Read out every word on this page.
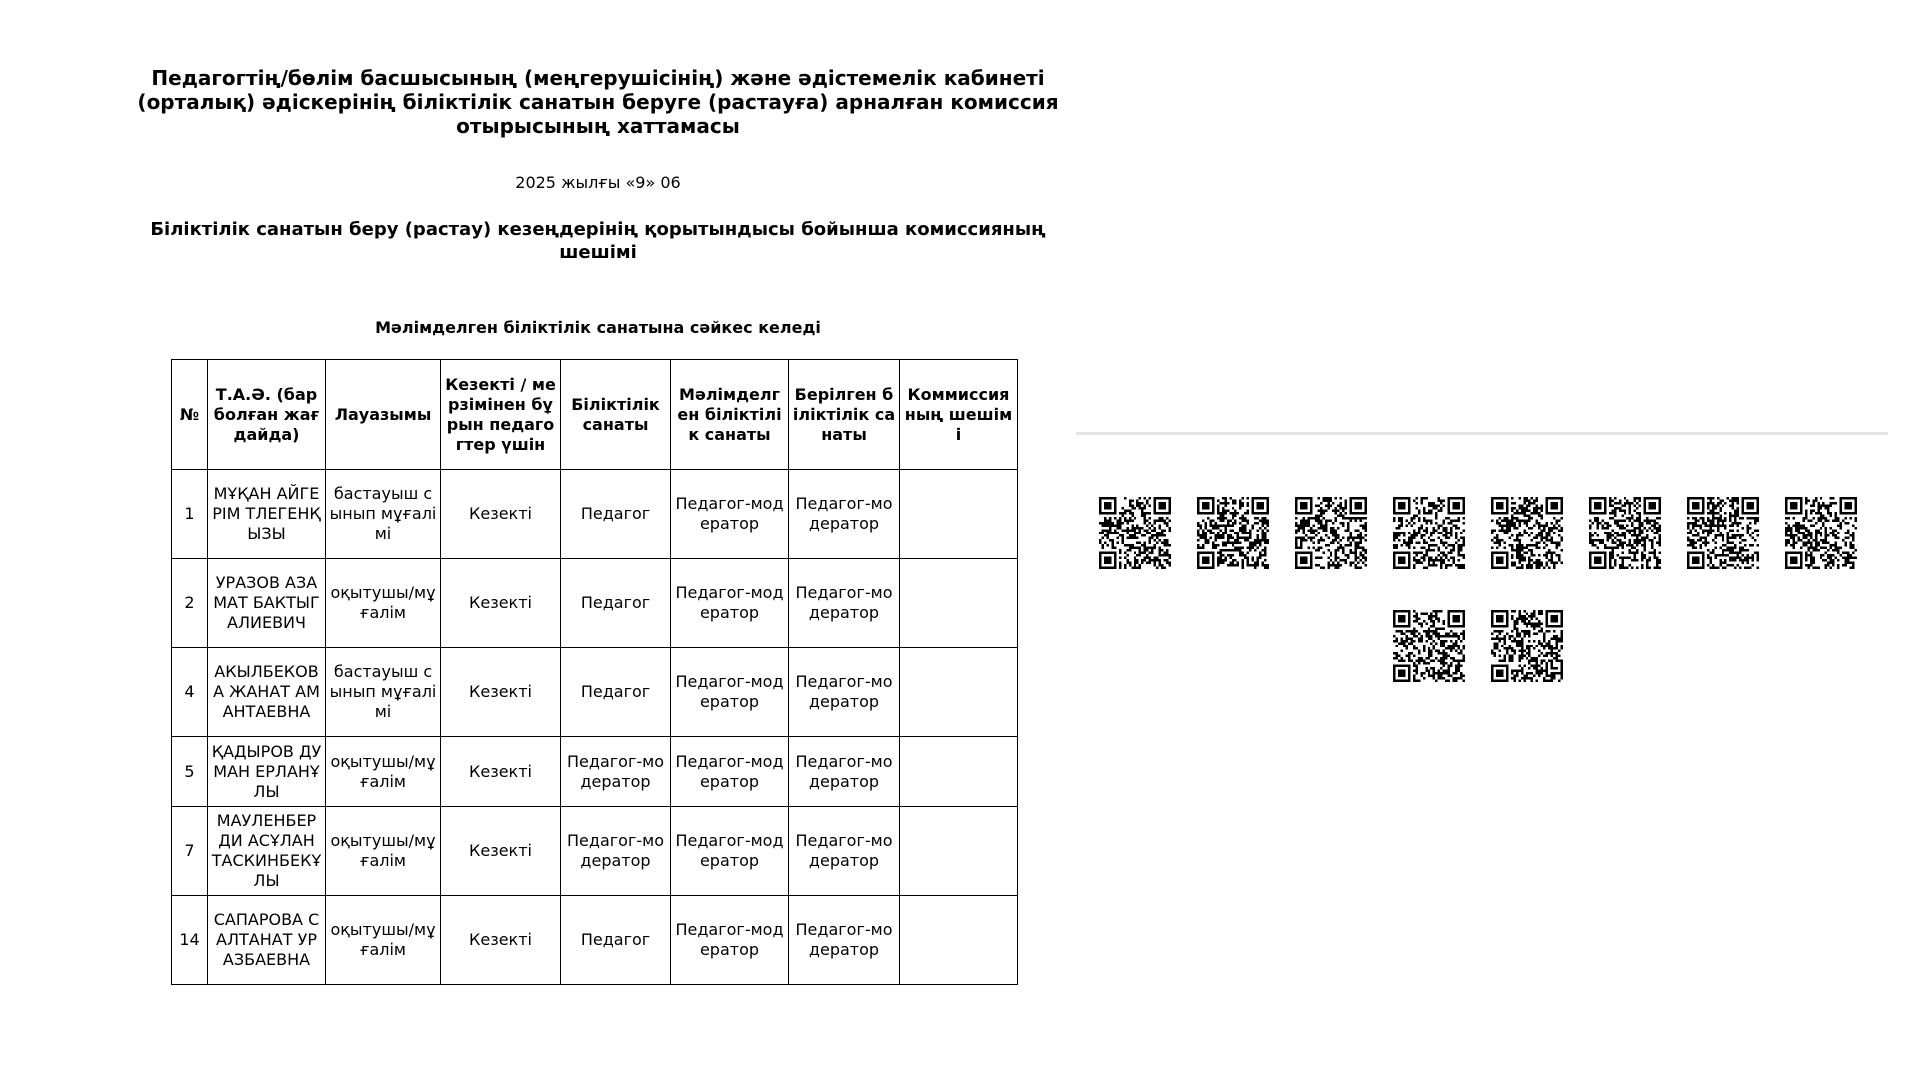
Педагогтің/бөлім басшысының (меңгерушісінің) және әдістемелік кабинеті (орталық) әдіскерінің біліктілік санатын беруге (растауға) арналған комиссия отырысының хаттамасы
2025 жылғы «9» 06
Біліктілік санатын беру (растау) кезеңдерінің қорытындысы бойынша комиссияның шешімі
Мәлімделген біліктілік санатына сәйкес келеді
№	Т.А.Ә. (бар болған жағдайда)	Лауазымы	Кезекті / мерзімінен бұрын педагогтер үшін	Біліктілік санаты	Мәлімделген біліктілік санаты	Берілген біліктілік санаты	Коммиссияның шешімі
1	МҰҚАН АЙГЕРІМ ТЛЕГЕНҚЫЗЫ	бастауыш сынып мұғалімі	Кезекті	Педагог	Педагог-модератор	Педагог-модератор	
2	УРАЗОВ АЗАМАТ БАКТЫГАЛИЕВИЧ	оқытушы/мұғалім	Кезекті	Педагог	Педагог-модератор	Педагог-модератор	
4	АКЫЛБЕКОВА ЖАНАТ АМАНТАЕВНА	бастауыш сынып мұғалімі	Кезекті	Педагог	Педагог-модератор	Педагог-модератор	
5	ҚАДЫРОВ ДУМАН ЕРЛАНҰЛЫ	оқытушы/мұғалім	Кезекті	Педагог-модератор	Педагог-модератор	Педагог-модератор	
7	МАУЛЕНБЕРДИ АСҰЛАН ТАСКИНБЕКҰЛЫ	оқытушы/мұғалім	Кезекті	Педагог-модератор	Педагог-модератор	Педагог-модератор	
14	САПАРОВА САЛТАНАТ УРАЗБАЕВНА	оқытушы/мұғалім	Кезекті	Педагог	Педагог-модератор	Педагог-модератор	
